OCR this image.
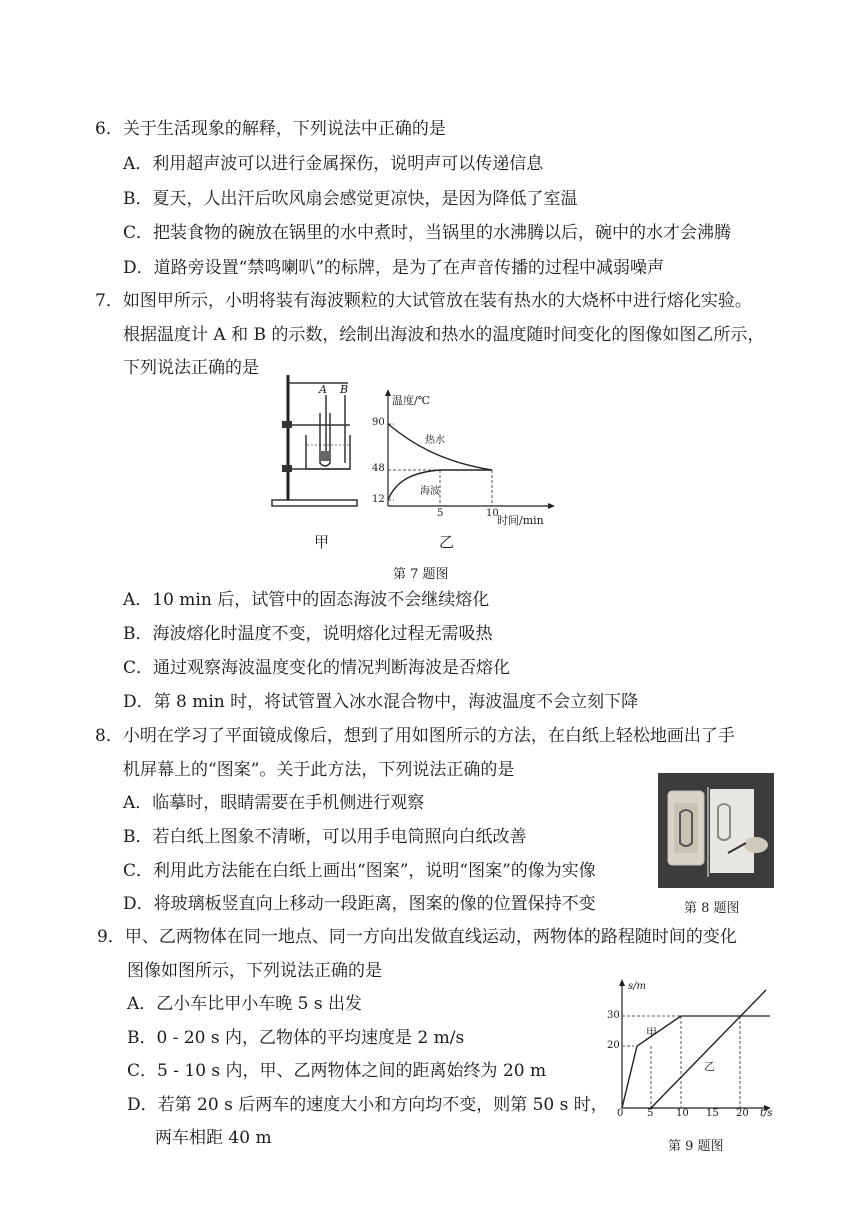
6．关于生活现象的解释，下列说法中正确的是
A．利用超声波可以进行金属探伤，说明声可以传递信息
B．夏天，人出汗后吹风扇会感觉更凉快，是因为降低了室温
C．把装食物的碗放在锅里的水中煮时，当锅里的水沸腾以后，碗中的水才会沸腾
D．道路旁设置“禁鸣喇叭”的标牌，是为了在声音传播的过程中减弱噪声
7．如图甲所示，小明将装有海波颗粒的大试管放在装有热水的大烧杯中进行熔化实验。
根据温度计 A 和 B 的示数，绘制出海波和热水的温度随时间变化的图像如图乙所示，
下列说法正确的是
A B
温度/℃
90
48
12
5	10
时间/min
热水
海波
甲	乙
第 7 题图
A．10 min 后，试管中的固态海波不会继续熔化
B．海波熔化时温度不变，说明熔化过程无需吸热
C．通过观察海波温度变化的情况判断海波是否熔化
D．第 8 min 时，将试管置入冰水混合物中，海波温度不会立刻下降
8．小明在学习了平面镜成像后，想到了用如图所示的方法，在白纸上轻松地画出了手
机屏幕上的“图案”。关于此方法，下列说法正确的是
A．临摹时，眼睛需要在手机侧进行观察
B．若白纸上图象不清晰，可以用手电筒照向白纸改善
C．利用此方法能在白纸上画出“图案”，说明“图案”的像为实像
D．将玻璃板竖直向上移动一段距离，图案的像的位置保持不变	第 8 题图
9．甲、乙两物体在同一地点、同一方向出发做直线运动，两物体的路程随时间的变化
图像如图所示，下列说法正确的是
A．乙小车比甲小车晚 5 s 出发
B．0 - 20 s 内，乙物体的平均速度是 2 m/s
C．5 - 10 s 内，甲、乙两物体之间的距离始终为 20 m
D．若第 20 s 后两车的速度大小和方向均不变，则第 50 s 时，
两车相距 40 m
s/m
30
20
0 5 10 15 20 t/s
甲
乙
第 9 题图
